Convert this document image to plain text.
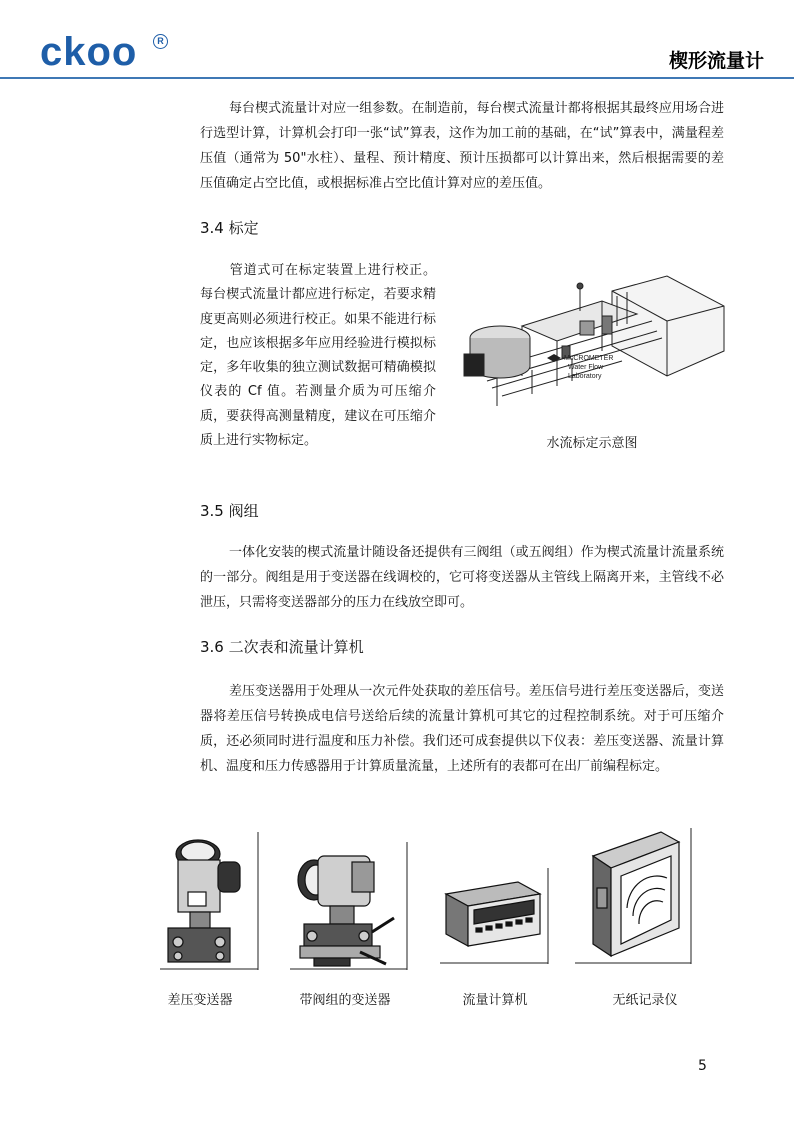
ckoo	R
楔形流量计
每台楔式流量计对应一组参数。在制造前，每台楔式流量计都将根据其最终应用场合进行选型计算，计算机会打印一张“试”算表，这作为加工前的基础，在“试”算表中，满量程差压值（通常为 50"水柱）、量程、预计精度、预计压损都可以计算出来，然后根据需要的差压值确定占空比值，或根据标准占空比值计算对应的差压值。
3.4 标定
管道式可在标定装置上进行校正。每台楔式流量计都应进行标定，若要求精度更高则必须进行校正。如果不能进行标定，也应该根据多年应用经验进行模拟标定，多年收集的独立测试数据可精确模拟仪表的 Cf 值。若测量介质为可压缩介质，要获得高测量精度，建议在可压缩介质上进行实物标定。
McCROMETER
Water Flow
Laboratory
水流标定示意图
3.5 阀组
一体化安装的楔式流量计随设备还提供有三阀组（或五阀组）作为楔式流量计流量系统的一部分。阀组是用于变送器在线调校的，它可将变送器从主管线上隔离开来，主管线不必泄压，只需将变送器部分的压力在线放空即可。
3.6 二次表和流量计算机
差压变送器用于处理从一次元件处获取的差压信号。差压信号进行差压变送器后，变送器将差压信号转换成电信号送给后续的流量计算机可其它的过程控制系统。对于可压缩介质，还必须同时进行温度和压力补偿。我们还可成套提供以下仪表：差压变送器、流量计算机、温度和压力传感器用于计算质量流量，上述所有的表都可在出厂前编程标定。
差压变送器	带阀组的变送器	流量计算机	无纸记录仪
5
